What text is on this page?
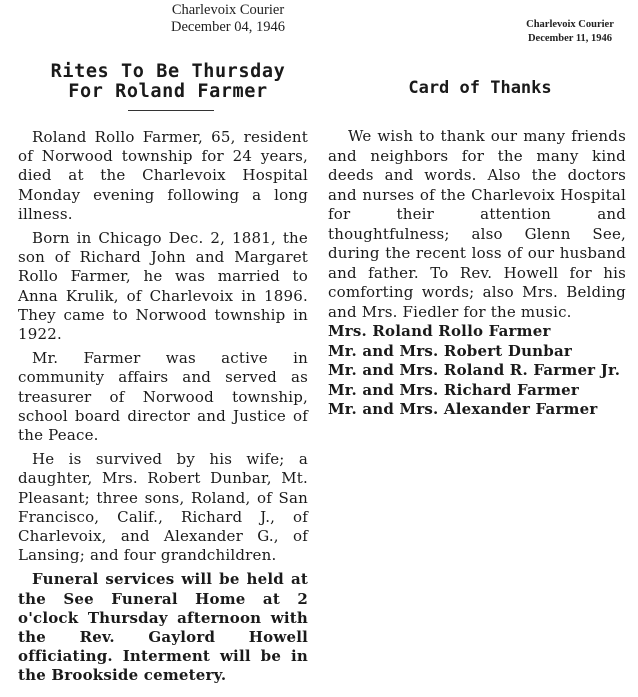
Charlevoix Courier
December 04, 1946	Charlevoix Courier
December 11, 1946
Rites To Be Thursday
For Roland Farmer

Roland Rollo Farmer, 65, resident of Norwood township for 24 years, died at the Charlevoix Hospital Monday evening following a long illness.

Born in Chicago Dec. 2, 1881, the son of Richard John and Margaret Rollo Farmer, he was married to Anna Krulik, of Charlevoix in 1896. They came to Norwood township in 1922.

Mr. Farmer was active in community affairs and served as treasurer of Norwood township, school board director and Justice of the Peace.

He is survived by his wife; a daughter, Mrs. Robert Dunbar, Mt. Pleasant; three sons, Roland, of San Francisco, Calif., Richard J., of Charlevoix, and Alexander G., of Lansing; and four grandchildren.

Funeral services will be held at the See Funeral Home at 2 o'clock Thursday afternoon with the Rev. Gaylord Howell officiating. Interment will be in the Brookside cemetery.

Card of Thanks

We wish to thank our many friends and neighbors for the many kind deeds and words. Also the doctors and nurses of the Charlevoix Hospital for their attention and thoughtfulness; also Glenn See, during the recent loss of our husband and father. To Rev. Howell for his comforting words; also Mrs. Belding and Mrs. Fiedler for the music.

Mrs. Roland Rollo Farmer
Mr. and Mrs. Robert Dunbar
Mr. and Mrs. Roland R. Farmer Jr.
Mr. and Mrs. Richard Farmer
Mr. and Mrs. Alexander Farmer
